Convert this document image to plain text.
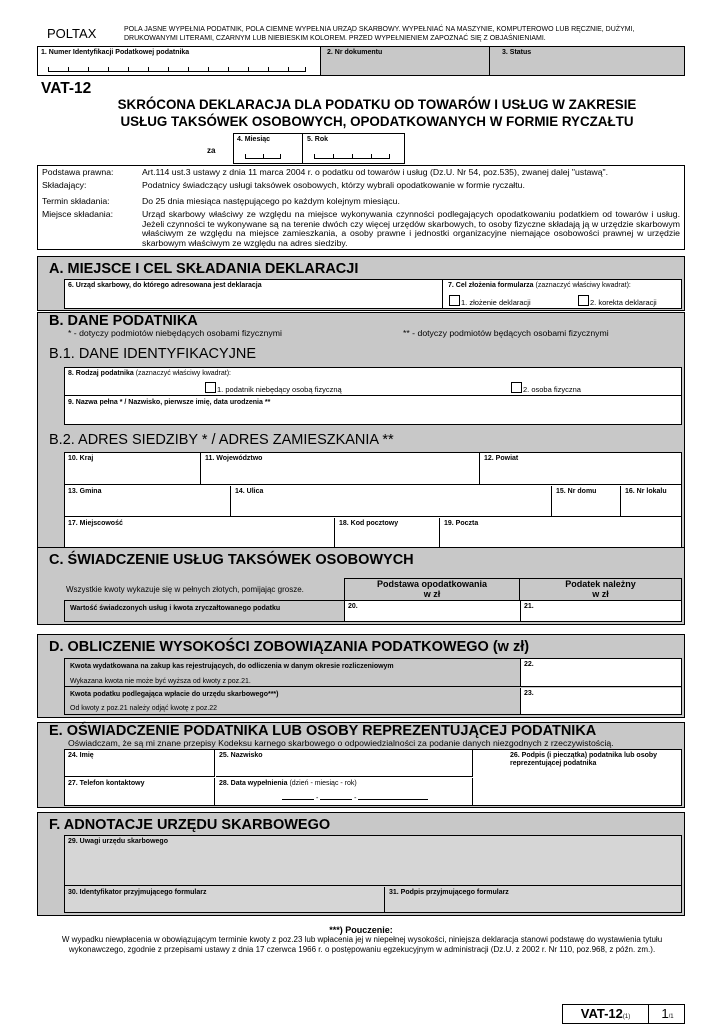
POLTAX	POLA JASNE WYPEŁNIA PODATNIK, POLA CIEMNE WYPEŁNIA URZĄD SKARBOWY. WYPEŁNIAĆ NA MASZYNIE, KOMPUTEROWO LUB RĘCZNIE, DUŻYMI, DRUKOWANYMI LITERAMI, CZARNYM LUB NIEBIESKIM KOLOREM. PRZED WYPEŁNIENIEM ZAPOZNAĆ SIĘ Z OBJAŚNIENIAMI.
1. Numer Identyfikacji Podatkowej podatnika	2. Nr dokumentu	3. Status
VAT-12
SKRÓCONA DEKLARACJA DLA PODATKU OD TOWARÓW I USŁUG W ZAKRESIE
USŁUG TAKSÓWEK OSOBOWYCH, OPODATKOWANYCH W FORMIE RYCZAŁTU
za
4. Miesiąc	5. Rok
Podstawa prawna:	Art.114 ust.3 ustawy z dnia 11 marca 2004 r. o podatku od towarów i usług (Dz.U. Nr 54, poz.535), zwanej dalej "ustawą".
Składający:	Podatnicy świadczący usługi taksówek osobowych, którzy wybrali opodatkowanie w formie ryczałtu.
Termin składania:	Do 25 dnia miesiąca następującego po każdym kolejnym miesiącu.
Miejsce składania:	Urząd skarbowy właściwy ze względu na miejsce wykonywania czynności podlegających opodatkowaniu podatkiem od towarów i usług. Jeżeli czynności te wykonywane są na terenie dwóch czy więcej urzędów skarbowych, to osoby fizyczne składają ją w urzędzie skarbowym właściwym ze względu na miejsce zamieszkania, a osoby prawne i jednostki organizacyjne niemające osobowości prawnej w urzędzie skarbowym właściwym ze względu na adres siedziby.
A. MIEJSCE I CEL SKŁADANIA DEKLARACJI
6. Urząd skarbowy, do którego adresowana jest deklaracja	7. Cel złożenia formularza (zaznaczyć właściwy kwadrat):
1. złożenie deklaracji	2. korekta deklaracji
B. DANE PODATNIKA
* - dotyczy podmiotów niebędących osobami fizycznymi	** - dotyczy podmiotów będących osobami fizycznymi
B.1. DANE IDENTYFIKACYJNE
8. Rodzaj podatnika (zaznaczyć właściwy kwadrat):
1. podatnik niebędący osobą fizyczną	2. osoba fizyczna
9. Nazwa pełna * / Nazwisko, pierwsze imię, data urodzenia **
B.2. ADRES SIEDZIBY * / ADRES ZAMIESZKANIA **
10. Kraj	11. Województwo	12. Powiat
13. Gmina	14. Ulica	15. Nr domu	16. Nr lokalu
17. Miejscowość	18. Kod pocztowy	19. Poczta
C. ŚWIADCZENIE USŁUG TAKSÓWEK OSOBOWYCH
Wszystkie kwoty wykazuje się w pełnych złotych, pomijając grosze.
Podstawa opodatkowania
w zł
Podatek należny
w zł
Wartość świadczonych usług i kwota zryczałtowanego podatku	20.	21.
D. OBLICZENIE WYSOKOŚCI ZOBOWIĄZANIA PODATKOWEGO (w zł)
Kwota wydatkowana na zakup kas rejestrujących, do odliczenia w danym okresie rozliczeniowym
Wykazana kwota nie może być wyższa od kwoty z poz.21.
22.
Kwota podatku podlegająca wpłacie do urzędu skarbowego***)
Od kwoty z poz.21 należy odjąć kwotę z poz.22
23.
E. OŚWIADCZENIE PODATNIKA LUB OSOBY REPREZENTUJĄCEJ PODATNIKA
Oświadczam, że są mi znane przepisy Kodeksu karnego skarbowego o odpowiedzialności za podanie danych niezgodnych z rzeczywistością.
24. Imię	25. Nazwisko
27. Telefon kontaktowy	28. Data wypełnienia (dzień - miesiąc - rok)
-	-
26. Podpis (i pieczątka) podatnika lub osoby reprezentującej podatnika
F. ADNOTACJE URZĘDU SKARBOWEGO
29. Uwagi urzędu skarbowego
30. Identyfikator przyjmującego formularz	31. Podpis przyjmującego formularz
***) Pouczenie:
W wypadku niewpłacenia w obowiązującym terminie kwoty z poz.23 lub wpłacenia jej w niepełnej wysokości, niniejsza deklaracja stanowi podstawę do wystawienia tytułu wykonawczego, zgodnie z przepisami ustawy z dnia 17 czerwca 1966 r. o postępowaniu egzekucyjnym w administracji (Dz.U. z 2002 r. Nr 110, poz.968, z późn. zm.).
VAT-12(1)	1/1
